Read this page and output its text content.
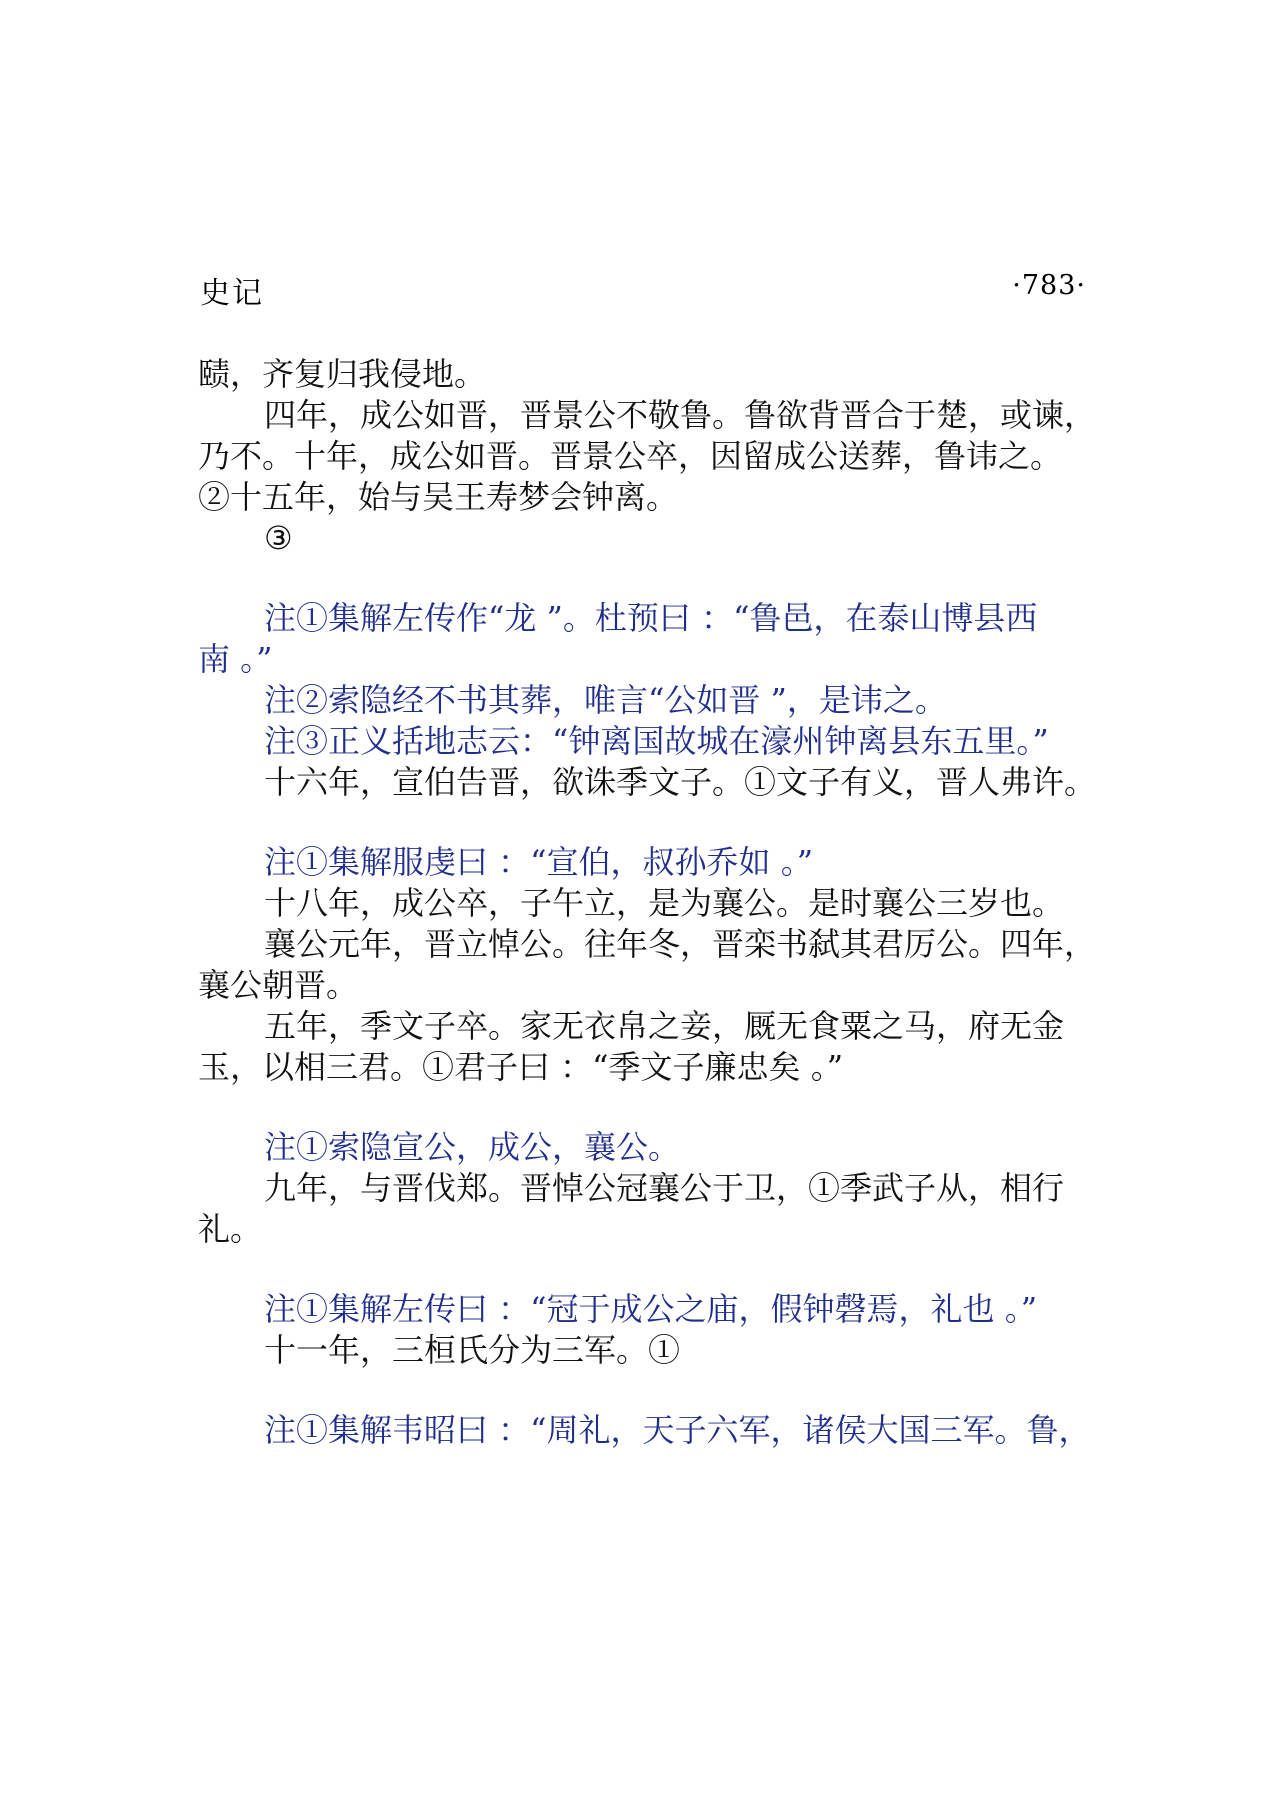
史记	·783·

赜，齐复归我侵地。

四年，成公如晋，晋景公不敬鲁。鲁欲背晋合于楚，或谏，

乃不。十年，成公如晋。晋景公卒，因留成公送葬，鲁讳之。

②十五年，始与吴王寿梦会钟离。

③

注①集解左传作“龙 ”。杜预曰 ：“鲁邑，在泰山博县西

南 。”

注②索隐经不书其葬，唯言“公如晋 ”，是讳之。

注③正义括地志云：“钟离国故城在濠州钟离县东五里。”

十六年，宣伯告晋，欲诛季文子。①文子有义，晋人弗许。

注①集解服虔曰 ：“宣伯，叔孙乔如 。”

十八年，成公卒，子午立，是为襄公。是时襄公三岁也。

襄公元年，晋立悼公。往年冬，晋栾书弑其君厉公。四年，

襄公朝晋。

五年，季文子卒。家无衣帛之妾，厩无食粟之马，府无金

玉，以相三君。①君子曰 ：“季文子廉忠矣 。”

注①索隐宣公，成公，襄公。

九年，与晋伐郑。晋悼公冠襄公于卫，①季武子从，相行

礼。

注①集解左传曰 ：“冠于成公之庙，假钟磬焉，礼也 。”

十一年，三桓氏分为三军。①

注①集解韦昭曰 ：“周礼，天子六军，诸侯大国三军。鲁，
